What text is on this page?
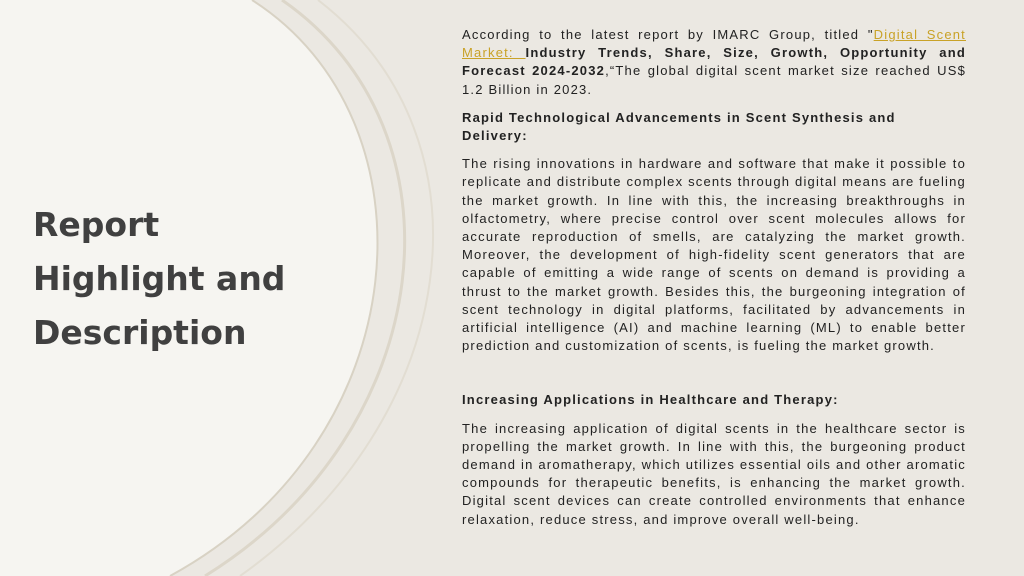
Report
Highlight and
Description

According to the latest report by IMARC Group, titled "Digital Scent Market: Industry Trends, Share, Size, Growth, Opportunity and Forecast 2024-2032,“The global digital scent market size reached US$ 1.2 Billion in 2023.

Rapid Technological Advancements in Scent Synthesis and Delivery:

The rising innovations in hardware and software that make it possible to replicate and distribute complex scents through digital means are fueling the market growth. In line with this, the increasing breakthroughs in olfactometry, where precise control over scent molecules allows for accurate reproduction of smells, are catalyzing the market growth. Moreover, the development of high-fidelity scent generators that are capable of emitting a wide range of scents on demand is providing a thrust to the market growth. Besides this, the burgeoning integration of scent technology in digital platforms, facilitated by advancements in artificial intelligence (AI) and machine learning (ML) to enable better prediction and customization of scents, is fueling the market growth.

Increasing Applications in Healthcare and Therapy:

The increasing application of digital scents in the healthcare sector is propelling the market growth. In line with this, the burgeoning product demand in aromatherapy, which utilizes essential oils and other aromatic compounds for therapeutic benefits, is enhancing the market growth. Digital scent devices can create controlled environments that enhance relaxation, reduce stress, and improve overall well-being.
